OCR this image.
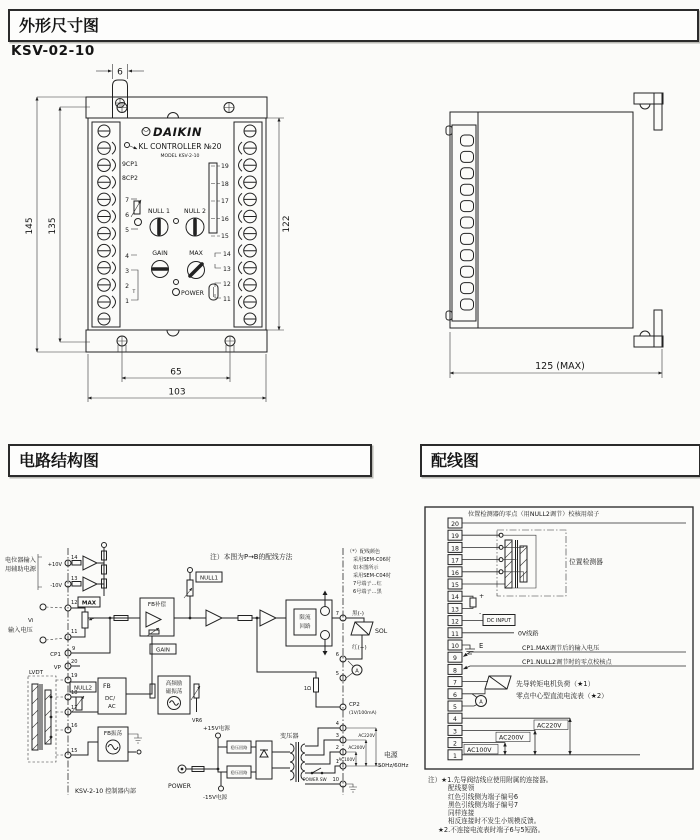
外形尺寸图
KSV-02-10
6
DAIKIN
KL CONTROLLER №20
MODEL KSV-2-10
9CP1
8CP2
7
6
5
NULL 1 NULL 2
19
18
17
16
15
GAIN	MAX	14
13
12
11
4
3
2
1
T	POWER
145 135	122
65
103
125 (MAX)
电路结构图	配线图
注）本图为P→B的配线方法
（*）配线颜色
采用SEM-C06时
如本图所示
采用SEM-C04时
7号端子…红
6号端子…黑
电位器输入
用辅助电源
+10V
-10V
14
13
MAX
12
11
Vi
输入电压
CP1
9
VP
20
LVDT	19
18
17
16
15
NULL2 FB
DC/
AC
FB振荡
FB补偿
GAIN
1Ω
NULL1
高频励
磁振荡
VR6
限流
回路
7 黑(-)
SOL
红(+)
6
A
5
CP2
(1V/100mA)
POWER
+15V电源
-15V电源
稳压回路
稳压回路
变压器
POWER SW
4
3
2
1
10
AC220V
AC200V
AC100V
电源
50Hz/60Hz
KSV-2-10 控制器内部
位置检测器的零点（用NULL2调节）校核用端子
20
19
18
17
16
15
14
13
12
11
10
9
8
7
6
5
4
3
2
1
位置检测器
+
-
DC INPUT
0V线路
E	CP1.MAX调节后的输入电压
CP1.NULL2调节时的零点校核点
先导转矩电机负荷（★1）
零点中心型直流电流表（★2）
A
AC220V
AC200V
AC100V
注）★1.先导阀结线应使用附属的连接器。
配线要领
红色引线侧为端子编号6
黑色引线侧为端子编号7
同样连接
相反连接时不发生小规模反馈。
★2.不连接电流表时端子6与5短路。
